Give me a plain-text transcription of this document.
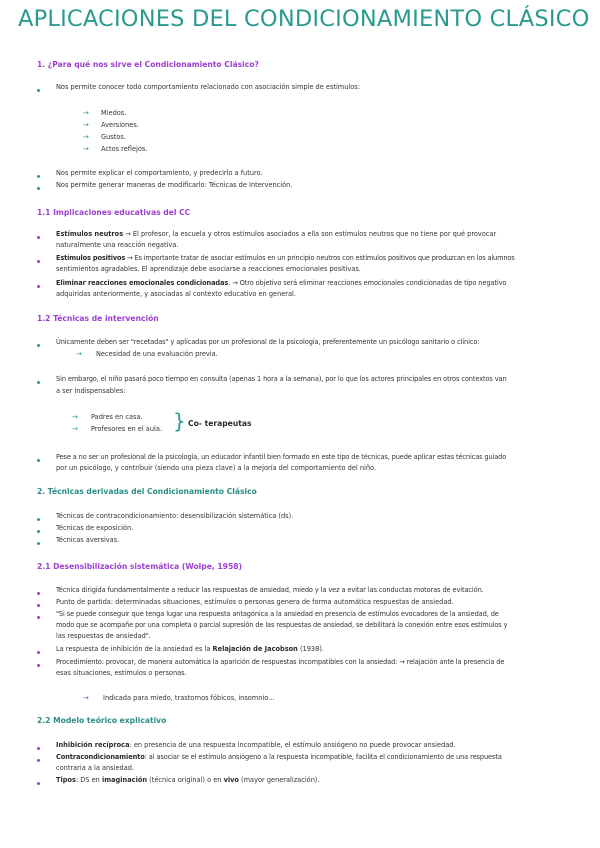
APLICACIONES DEL CONDICIONAMIENTO CLÁSICO
1. ¿Para qué nos sirve el Condicionamiento Clásico?
Nos permite conocer todo comportamiento relacionado con asociación simple de estímulos:
→ Miedos.
→ Aversiones.
→ Gustos.
→ Actos reflejos.
Nos permite explicar el comportamiento, y predecirlo a futuro.
Nos permite generar maneras de modificarlo: Técnicas de Intervención.
1.1 Implicaciones educativas del CC
Estímulos neutros → El profesor, la escuela y otros estímulos asociados a ella son estímulos neutros que no tiene por qué provocar
naturalmente una reacción negativa.
Estímulos positivos → Es importante tratar de asociar estímulos en un principio neutros con estímulos positivos que produzcan en los alumnos
sentimientos agradables. El aprendizaje debe asociarse a reacciones emocionales positivas.
Eliminar reacciones emocionales condicionadas. → Otro objetivo será eliminar reacciones emocionales condicionadas de tipo negativo
adquiridas anteriormente, y asociadas al contexto educativo en general.
1.2 Técnicas de intervención
Únicamente deben ser "recetadas" y aplicadas por un profesional de la psicología, preferentemente un psicólogo sanitario o clínico:
→ Necesidad de una evaluación previa.
Sin embargo, el niño pasará poco tiempo en consulta (apenas 1 hora a la semana), por lo que los actores principales en otros contextos van
a ser indispensables:
→ Padres en casa.
→ Profesores en el aula. } Co- terapeutas
Pese a no ser un profesional de la psicología, un educador infantil bien formado en este tipo de técnicas, puede aplicar estas técnicas guiado
por un psicólogo, y contribuir (siendo una pieza clave) a la mejoría del comportamiento del niño.
2. Técnicas derivadas del Condicionamiento Clásico
Técnicas de contracondicionamiento: desensibilización sistemática (ds).
Técnicas de exposición.
Técnicas aversivas.
2.1 Desensibilización sistemática (Wolpe, 1958)
Técnica dirigida fundamentalmente a reducir las respuestas de ansiedad, miedo y la vez a evitar las conductas motoras de evitación.
Punto de partida: determinadas situaciones, estímulos o personas genera de forma automática respuestas de ansiedad.
"Si se puede conseguir que tenga lugar una respuesta antagónica a la ansiedad en presencia de estímulos evocadores de la ansiedad, de
modo que se acompañe por una completa o parcial supresión de las respuestas de ansiedad, se debilitará la conexión entre esos estímulos y
las respuestas de ansiedad".
La respuesta de inhibición de la ansiedad es la Relajación de Jacobson (1938).
Procedimiento: provocar, de manera automática la aparición de respuestas incompatibles con la ansiedad: → relajación ante la presencia de
esas situaciones, estímulos o personas.
→ Indicada para miedo, trastornos fóbicos, insomnio...
2.2 Modelo teórico explicativo
Inhibición recíproca: en presencia de una respuesta incompatible, el estímulo ansiógeno no puede provocar ansiedad.
Contracondicionamiento: al asociar se el estímulo ansiógeno a la respuesta incompatible, facilita el condicionamiento de una respuesta
contraria a la ansiedad.
Tipos: DS en imaginación (técnica original) o en vivo (mayor generalización).
